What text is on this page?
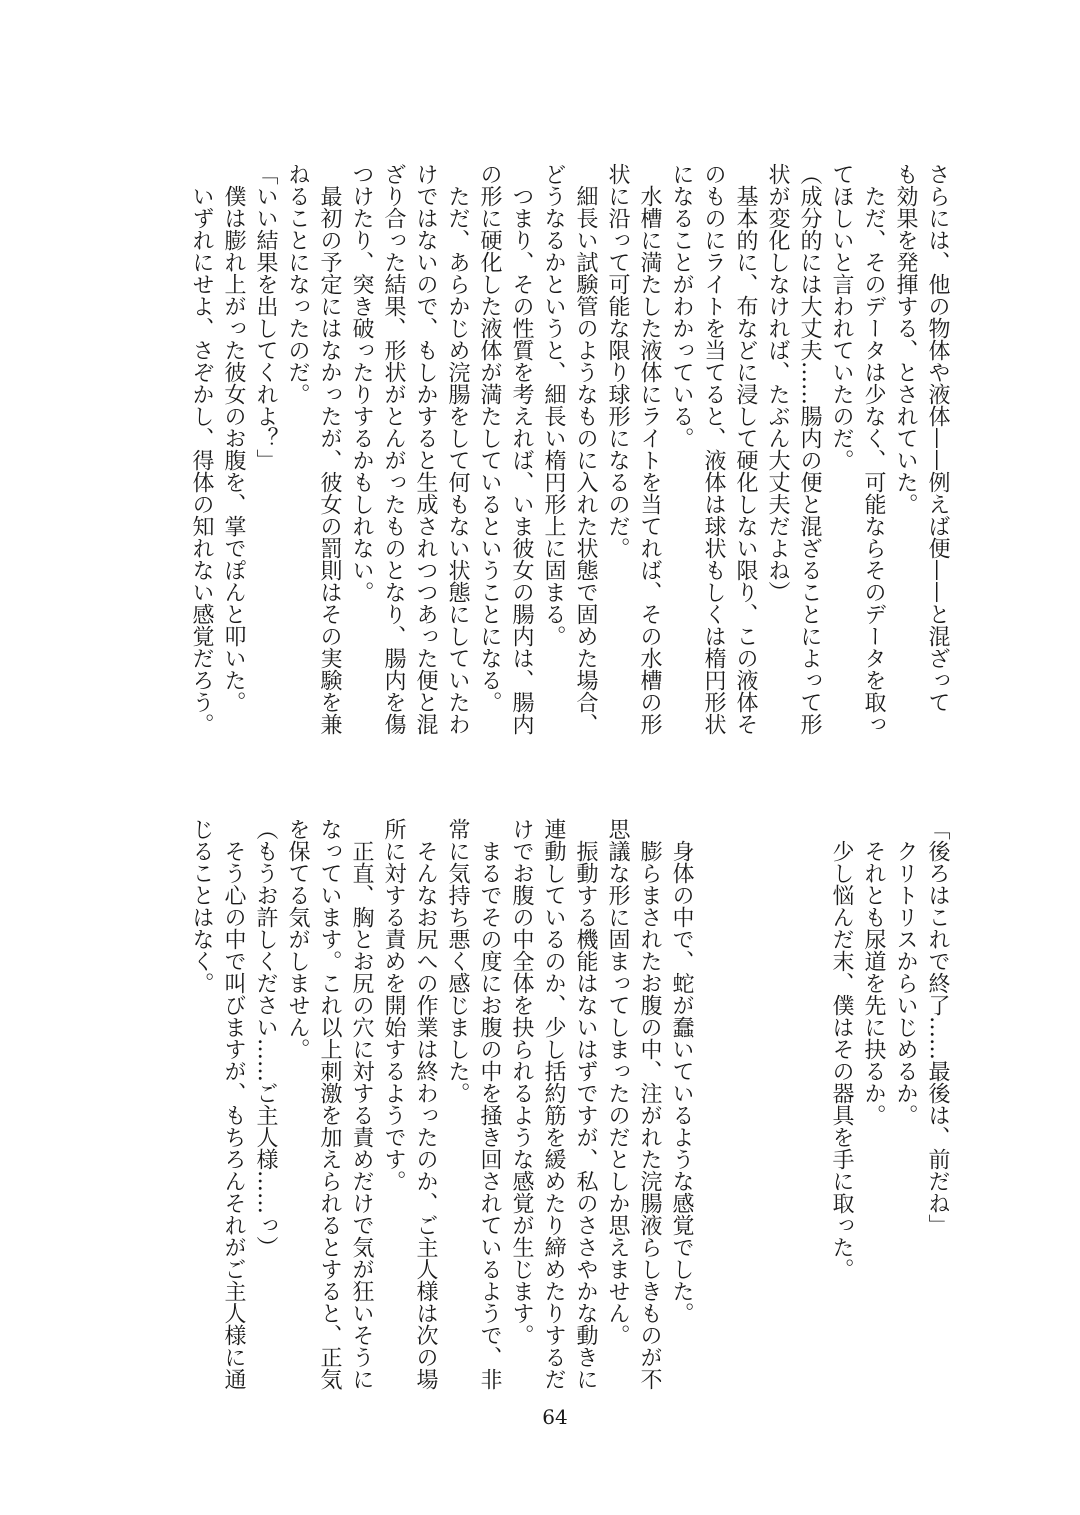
さらには、他の物体や液体——例えば便——と混ざって
も効果を発揮する、とされていた。
　ただ、そのデータは少なく、可能ならそのデータを取っ
てほしいと言われていたのだ。
（成分的には大丈夫……腸内の便と混ざることによって形
状が変化しなければ、たぶん大丈夫だよね）
　基本的に、布などに浸して硬化しない限り、この液体そ
のものにライトを当てると、液体は球状もしくは楕円形状
になることがわかっている。
　水槽に満たした液体にライトを当てれば、その水槽の形
状に沿って可能な限り球形になるのだ。
　細長い試験管のようなものに入れた状態で固めた場合、
どうなるかというと、細長い楕円形上に固まる。
　つまり、その性質を考えれば、いま彼女の腸内は、腸内
の形に硬化した液体が満たしているということになる。
　ただ、あらかじめ浣腸をして何もない状態にしていたわ
けではないので、もしかすると生成されつつあった便と混
ざり合った結果、形状がとんがったものとなり、腸内を傷
つけたり、突き破ったりするかもしれない。
　最初の予定にはなかったが、彼女の罰則はその実験を兼
ねることになったのだ。
「いい結果を出してくれよ？」
　僕は膨れ上がった彼女のお腹を、掌でぽんと叩いた。
　いずれにせよ、さぞかし、得体の知れない感覚だろう。
「後ろはこれで終了……最後は、前だね」
　クリトリスからいじめるか。
　それとも尿道を先に抉るか。
　少し悩んだ末、僕はその器具を手に取った。
　身体の中で、蛇が蠢いているような感覚でした。
　膨らまされたお腹の中、注がれた浣腸液らしきものが不
思議な形に固まってしまったのだとしか思えません。
　振動する機能はないはずですが、私のささやかな動きに
連動しているのか、少し括約筋を緩めたり締めたりするだ
けでお腹の中全体を抉られるような感覚が生じます。
　まるでその度にお腹の中を掻き回されているようで、非
常に気持ち悪く感じました。
　そんなお尻への作業は終わったのか、ご主人様は次の場
所に対する責めを開始するようです。
　正直、胸とお尻の穴に対する責めだけで気が狂いそうに
なっています。これ以上刺激を加えられるとすると、正気
を保てる気がしません。
（もうお許しください……ご主人様……っ）
　そう心の中で叫びますが、もちろんそれがご主人様に通
じることはなく。
64
